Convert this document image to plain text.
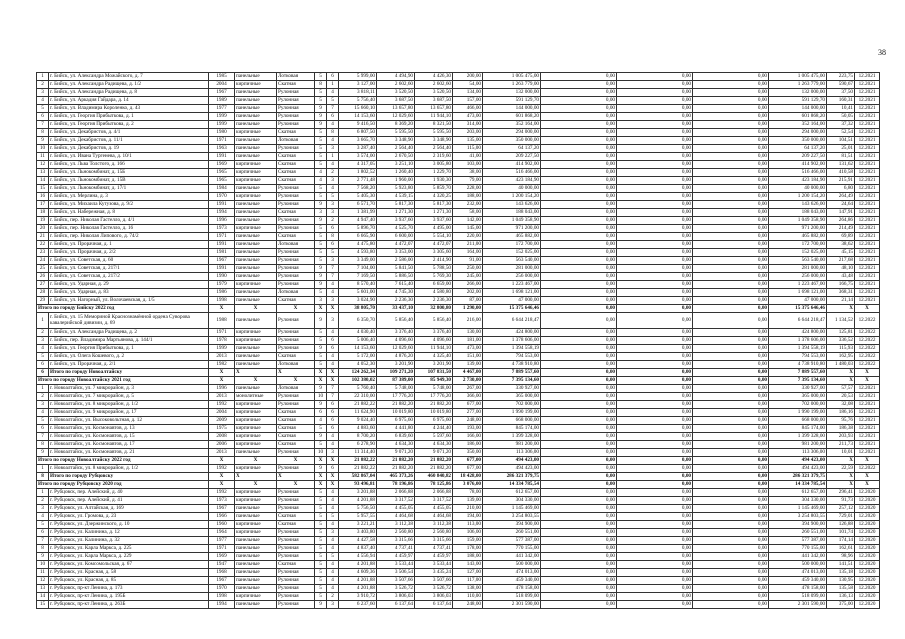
38
1	г. Бийск, ул. Александра Можайского, д. 7	1985	панельные	Лотковая	5	6	5 999,00	4 494,90	4 426,30	200,00	1 005 475,00	0,00	0,00	0,00	1 005 475,00	223,75	12.2021
2	г. Бийск, ул. Александра Радищева, д. 1/2	2004	кирпичные	Скатная	8	1	3 127,00	2 602,60	2 602,60	54,00	1 263 779,00	0,00	0,00	0,00	1 263 779,00	590,67	12.2021
3	г. Бийск, ул. Александра Радищева, д. 8	1967	панельные	Рулонная	5	4	3 818,11	3 520,50	3 520,50	134,00	132 000,00	0,00	0,00	0,00	132 000,00	37,50	12.2021
4	г. Бийск, ул. Аркадия Гайдара, д. 14	1989	панельные	Рулонная	5	5	5 756,40	3 687,50	3 687,50	157,00	591 129,70	0,00	0,00	0,00	591 129,70	160,31	12.2021
5	г. Бийск, ул. Владимира Короленко, д. 43	1977	панельные	Рулонная	9	7	15 660,10	13 657,80	13 657,80	466,00	144 000,00	0,00	0,00	0,00	144 000,00	10,41	12.2021
6	г. Бийск, ул. Георгия Прибыткова, д. 1	1999	панельные	Рулонная	9	6	14 153,60	12 029,60	11 944,10	473,00	601 868,20	0,00	0,00	0,00	601 868,20	50,05	12.2021
7	г. Бийск, ул. Георгия Прибыткова, д. 2	1999	панельные	Рулонная	9	4	9 416,50	8 369,20	8 321,50	314,00	352 164,00	0,00	0,00	0,00	352 164,00	37,32	12.2021
8	г. Бийск, ул. Декабристов, д. 4/1	1980	кирпичные	Скатная	5	8	6 807,50	5 595,50	5 595,50	203,00	294 000,00	0,00	0,00	0,00	294 000,00	52,54	12.2021
9	г. Бийск, ул. Декабристов, д. 11/1	1971	панельные	Лотковая	5	4	3 665,70	3 348,90	3 348,90	135,00	350 000,00	0,00	0,00	0,00	350 000,00	104,51	12.2021
10	г. Бийск, ул. Декабристов, д. 19	1963	панельные	Рулонная	5	3	3 287,40	2 564,40	2 564,40	115,00	64 137,20	0,00	0,00	0,00	64 137,20	25,01	12.2021
11	г. Бийск, ул. Ивана Тургенева, д. 10/1	1991	панельные	Скатная	5	1	3 574,00	2 670,50	2 319,60	41,00	209 227,50	0,00	0,00	0,00	209 227,50	81,51	12.2021
12	г. Бийск, ул. Льва Толстого, д. 166	1969	кирпичные	Скатная	5	4	4 317,05	3 251,10	3 005,80	103,00	414 902,00	0,00	0,00	0,00	414 902,00	131,62	12.2021
13	г. Бийск, ул. Льнокомбинат, д. 15Б	1965	кирпичные	Скатная	4	2	1 802,52	1 260,40	1 229,70	38,00	516 466,00	0,00	0,00	0,00	516 466,00	410,58	12.2021
14	г. Бийск, ул. Льнокомбинат, д. 15В	1965	кирпичные	Скатная	4	3	2 771,48	1 960,00	1 930,30	79,00	423 184,90	0,00	0,00	0,00	423 184,90	215,91	12.2021
15	г. Бийск, ул. Льнокомбинат, д. 17/1	1984	панельные	Рулонная	5	4	7 568,20	5 923,80	5 859,70	228,00	40 000,00	0,00	0,00	0,00	40 000,00	6,80	12.2021
16	г. Бийск, ул. Мерлина, д. 3	1970	кирпичные	Рулонная	5	5	5 405,30	4 539,15	4 320,25	188,00	1 200 154,20	0,00	0,00	0,00	1 200 154,20	264,49	12.2021
17	г. Бийск, ул. Михаила Кутузова, д. 9/2	1991	панельные	Рулонная	9	3	6 571,70	5 817,30	5 817,30	232,00	143 626,00	0,00	0,00	0,00	143 626,00	24,64	12.2021
18	г. Бийск, ул. Набережная, д. 8	1994	панельные	Скатная	3	3	1 381,99	1 271,30	1 271,30	58,00	188 043,00	0,00	0,00	0,00	188 043,00	147,91	12.2021
19	г. Бийск, пер. Николая Гастелло, д. 4/1	1996	панельные	Рулонная	9	2	4 947,40	3 937,60	3 937,60	142,00	1 049 358,90	0,00	0,00	0,00	1 049 358,90	264,86	12.2021
20	г. Бийск, пер. Николая Гастелло, д. 16	1973	кирпичные	Рулонная	5	6	5 896,70	4 525,70	4 495,00	145,00	971 200,00	0,00	0,00	0,00	971 200,00	214,49	12.2021
21	г. Бийск, пер. Николая Липового, д. 74/2	1971	панельные	Скатная	5	8	6 665,90	6 600,00	5 554,10	220,00	465 882,00	0,00	0,00	0,00	465 882,00	69,89	12.2021
22	г. Бийск, ул. Прорачная, д. 1	1991	панельные	Лотковая	5	6	4 475,80	4 472,07	4 472,07	211,00	172 700,00	0,00	0,00	0,00	172 700,00	38,62	12.2021
23	г. Бийск, ул. Прорачная, д. 2/2	1981	панельные	Рулонная	5	5	4 593,80	3 353,00	3 305,60	164,00	152 025,00	0,00	0,00	0,00	152 025,00	45,15	12.2021
24	г. Бийск, ул. Советская, д. 60	1967	панельные	Рулонная	5	3	3 349,00	2 586,00	2 414,90	91,00	563 540,00	0,00	0,00	0,00	563 540,00	217,68	12.2021
25	г. Бийск, ул. Советская, д. 217/1	1991	панельные	Рулонная	9	7	7 104,00	5 841,50	5 788,50	250,00	281 000,00	0,00	0,00	0,00	281 000,00	48,10	12.2021
26	г. Бийск, ул. Советская, д. 217/2	1990	панельные	Рулонная	9	7	7 169,50	5 886,50	5 769,30	245,00	256 000,00	0,00	0,00	0,00	256 000,00	43,48	12.2021
27	г. Бийск, ул. Ударная, д. 29	1979	кирпичные	Рулонная	9	4	8 570,40	7 615,40	6 659,00	266,00	1 223 467,00	0,00	0,00	0,00	1 223 467,00	166,75	12.2021
28	г. Бийск, ул. Ударная, д. 83	1986	панельные	Лотковая	5	4	5 601,00	4 745,30	4 580,80	202,00	1 698 121,00	0,00	0,00	0,00	1 698 121,00	368,31	12.2021
29	г. Бийск, ул. Нагорный, ул. Волочаевская, д. 1/5	1998	панельные	Скатная	3	3	3 024,90	2 236,30	2 236,30	87,00	47 000,00	0,00	0,00	0,00	47 000,00	21,14	12.2021
Итого по городу Бийску 2022 год		X	X	X	X	X	38 805,70	33 437,10	32 800,80	1 290,00	15 375 646,46	0,00	0,00	0,00	15 375 646,46	X	X
1	г. Бийск, ул. 15 Мемориной Краснознамённой ордена Суворова кавалерийской дивизии, д. 69	1988	панельные	Рулонная	9	3	6 350,70	5 856,40	5 856,40	216,00	6 644 218,47	0,00	0,00	0,00	6 644 218,47	1 134,52	12.2022
2	г. Бийск, ул. Александра Радищева, д. 2	1971	кирпичные	Рулонная	5	4	4 030,40	3 376,40	3 376,40	130,00	424 800,00	0,00	0,00	0,00	424 800,00	125,81	12.2022
3	г. Бийск, пер. Владимира Мартьянова, д. 144/1	1978	кирпичные	Рулонная	5	6	5 006,40	4 096,60	4 096,60	181,00	1 378 606,00	0,00	0,00	0,00	1 378 606,00	336,52	12.2022
4	г. Бийск, ул. Георгия Прибыткова, д. 1	1999	панельные	Рулонная	9	6	14 153,60	12 029,60	11 944,10	473,00	1 394 558,19	0,00	0,00	0,00	1 394 558,19	115,93	12.2022
5	г. Бийск, ул. Олега Кошевого, д. 2	2013	панельные	Скатная	5	4	5 172,00	4 876,20	4 325,40	151,00	794 553,00	0,00	0,00	0,00	794 553,00	162,95	12.2022
6	г. Бийск, ул. Прорачная, д. 2/1	1982	панельные	Лотковая	5	4	4 052,30	3 201,90	3 201,90	139,00	4 738 910,80	0,00	0,00	0,00	4 738 910,80	1 480,03	12.2022
6	Итого по городу Новоалтайску	X	X	X	X	X	124 262,34	109 271,20	107 831,50	4 467,00	7 889 557,60	0,00	0,00	0,00	7 889 557,60	X	X
Итого по городу Новоалтайску 2021 год		X	X	X	X	X	102 380,02	87 389,00	85 949,30	2 730,00	7 395 134,60	0,00	0,00	0,00	7 395 134,60	X	X
1	г. Новоалтайск, ул. 7 микрорайон, д. 3	1996	панельные	Лотковая	9	7	5 760,40	5 748,00	5 748,00	267,00	330 927,00	0,00	0,00	0,00	330 927,00	57,57	12.2021
2	г. Новоалтайск, ул. 7 микрорайон, д. 5	2013	монолитные	Рулонная	10	7	22 310,00	17 776,20	17 776,20	366,00	365 000,00	0,00	0,00	0,00	365 000,00	20,53	12.2021
3	г. Новоалтайск, ул. 8 микрорайон, д. 1/2	1992	кирпичные	Рулонная	9	6	21 882,22	21 882,20	21 882,20	677,00	702 000,00	0,00	0,00	0,00	702 000,00	32,08	12.2021
4	г. Новоалтайск, ул. 9 микрорайон, д. 17	2004	кирпичные	Скатная	6	6	11 624,90	10 019,80	10 019,80	277,00	1 990 199,00	0,00	0,00	0,00	1 990 199,00	186,16	12.2021
5	г. Новоалтайск, ул. Высоковольтная, д. 12	2009	кирпичные	Скатная	4	6	9 024,40	6 975,60	6 975,60	248,00	668 000,00	0,00	0,00	0,00	668 000,00	95,76	12.2021
6	г. Новоалтайск, ул. Космонавтов, д. 13	1975	кирпичные	Скатная	5	6	4 883,60	4 441,80	4 244,40	193,00	845 174,00	0,00	0,00	0,00	845 174,00	186,38	12.2021
7	г. Новоалтайск, ул. Космонавтов, д. 15	2008	кирпичные	Скатная	9	4	8 700,20	6 839,60	5 597,60	166,00	1 399 328,00	0,00	0,00	0,00	1 399 328,00	203,93	12.2021
8	г. Новоалтайск, ул. Космонавтов, д. 17	2006	кирпичные	Скатная	5	4	6 278,90	4 634,30	4 634,30	186,00	981 200,00	0,00	0,00	0,00	981 200,00	211,73	12.2021
9	г. Новоалтайск, ул. Космонавтов, д. 21	2013	панельные	Рулонная	10	3	11 314,40	9 071,20	9 071,20	350,00	113 306,00	0,00	0,00	0,00	113 306,00	10,01	12.2021
Итого по городу Новоалтайску 2022 год		X	X	X	X	X	21 882,22	21 882,20	21 882,20	677,00	494 423,00	0,00	0,00	0,00	494 423,00	X	X
1	г. Новоалтайск, ул. 8 микрорайон, д. 1/2	1992	кирпичные	Рулонная	9	6	21 882,22	21 882,20	21 882,20	677,00	494 423,00	0,00	0,00	0,00	494 423,00	22,59	12.2022
8	Итого по городу Рубцовску	X	X	X	X	X	582 867,04	465 373,26	460 840,82	18 428,00	286 321 379,75	0,00	0,00	0,00	286 321 379,75	X	X
Итого по городу Рубцовску 2020 год		X	X	X	X	X	93 496,81	78 196,86	78 125,86	3 076,00	14 334 785,54	0,00	0,00	0,00	14 334 785,54	X	X
1	г. Рубцовск, пер. Алейский, д. 40	1992	кирпичные	Рулонная	5	4	3 201,88	2 066,88	2 066,88	78,00	612 657,00	0,00	0,00	0,00	612 657,00	296,41	12.2020
2	г. Рубцовск, пер. Алейский, д. 41	1973	кирпичные	Рулонная	5	4	4 201,88	3 317,52	3 317,52	139,00	304 330,00	0,00	0,00	0,00	304 330,00	91,73	12.2020
3	г. Рубцовск, ул. Алтайская, д. 169	1967	панельные	Рулонная	5	4	5 756,50	4 455,05	4 455,05	210,00	1 145 469,00	0,00	0,00	0,00	1 145 469,00	257,12	12.2020
4	г. Рубцовск, ул. Громова, д. 23	1966	панельные	Скатная	5	5	5 957,55	4 464,68	4 464,68	194,00	3 254 803,55	0,00	0,00	0,00	3 254 803,55	729,01	12.2020
5	г. Рубцовск, ул. Дзержинского, д. 10	1960	кирпичные	Скатная	5	4	3 221,21	3 112,38	3 112,38	113,00	394 900,00	0,00	0,00	0,00	394 900,00	126,88	12.2020
6	г. Рубцовск, ул. Калинина, д. 12	1964	кирпичные	Рулонная	5	3	3 403,80	2 560,80	2 560,80	106,00	260 551,00	0,00	0,00	0,00	260 551,00	101,74	12.2020
7	г. Рубцовск, ул. Калинина, д. 32	1977	панельные	Рулонная	5	4	4 427,58	3 315,66	3 315,66	159,00	577 387,00	0,00	0,00	0,00	577 387,00	174,14	12.2020
8	г. Рубцовск, ул. Карла Маркса, д. 225	1971	панельные	Рулонная	5	4	4 837,40	4 737,41	4 737,41	178,00	770 155,00	0,00	0,00	0,00	770 155,00	162,61	12.2020
9	г. Рубцовск, ул. Карла Маркса, д. 229	1969	панельные	Рулонная	5	5	4 556,94	4 459,97	4 459,97	188,00	441 342,00	0,00	0,00	0,00	441 342,00	98,96	12.2020
10	г. Рубцовск, ул. Комсомольская, д. 67	1947	панельные	Скатная	5	4	4 201,88	3 533,44	3 533,44	143,00	500 000,00	0,00	0,00	0,00	500 000,00	141,51	12.2020
11	г. Рубцовск, ул. Красная, д. 58	1968	панельные	Рулонная	5	4	4 609,36	3 506,54	3 435,24	127,00	474 013,00	0,00	0,00	0,00	474 013,00	135,18	12.2020
12	г. Рубцовск, ул. Красная, д. 85	1967	панельные	Рулонная	5	4	4 201,88	3 507,66	3 507,66	117,00	459 340,00	0,00	0,00	0,00	459 340,00	130,95	12.2020
13	г. Рубцовск, пр-кт Ленина, д. 173	1970	панельные	Рулонная	5	4	4 201,88	3 526,72	3 526,72	138,00	478 158,00	0,00	0,00	0,00	478 158,00	135,58	12.2020
14	г. Рубцовск, пр-кт Ленина, д. 195Б	1998	кирпичные	Рулонная	5	2	3 910,72	3 806,03	3 806,03	110,00	518 099,00	0,00	0,00	0,00	518 099,00	136,13	12.2020
15	г. Рубцовск, пр-кт Ленина, д. 263Б	1994	панельные	Рулонная	9	3	6 237,60	6 137,64	6 137,64	248,00	2 301 590,00	0,00	0,00	0,00	2 301 590,00	375,00	12.2020
